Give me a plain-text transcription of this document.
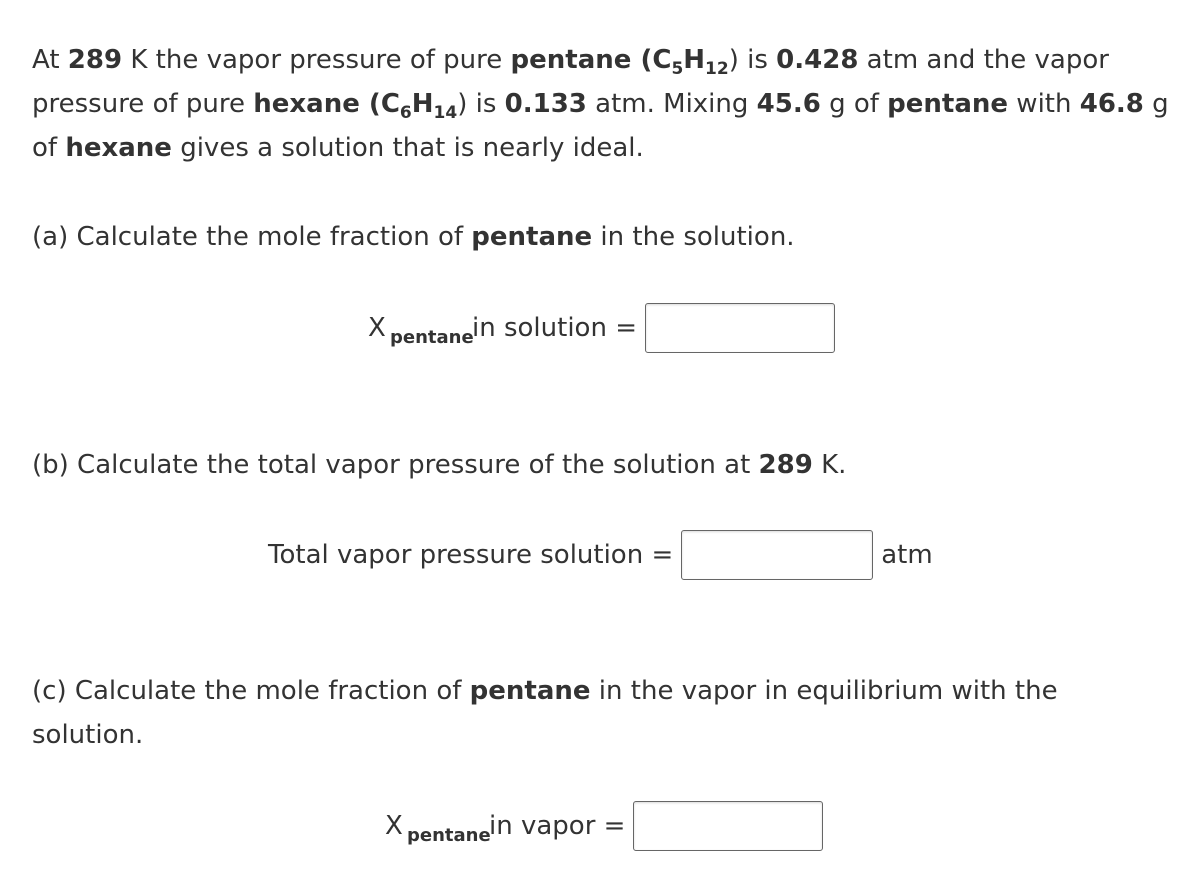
At 289 K the vapor pressure of pure pentane $(C_5H_{12})$ is 0.428 atm and the vapor pressure of pure hexane $(C_6H_{14})$ is 0.133 atm. Mixing 45.6 g of pentane with 46.8 g of hexane gives a solution that is nearly ideal.

(a) Calculate the mole fraction of pentane in the solution.

X pentane
in solution =

(b) Calculate the total vapor pressure of the solution at 289 K.

Total vapor pressure solution =	atm

(c) Calculate the mole fraction of pentane in the vapor in equilibrium with the solution.

X pentane
in vapor =
